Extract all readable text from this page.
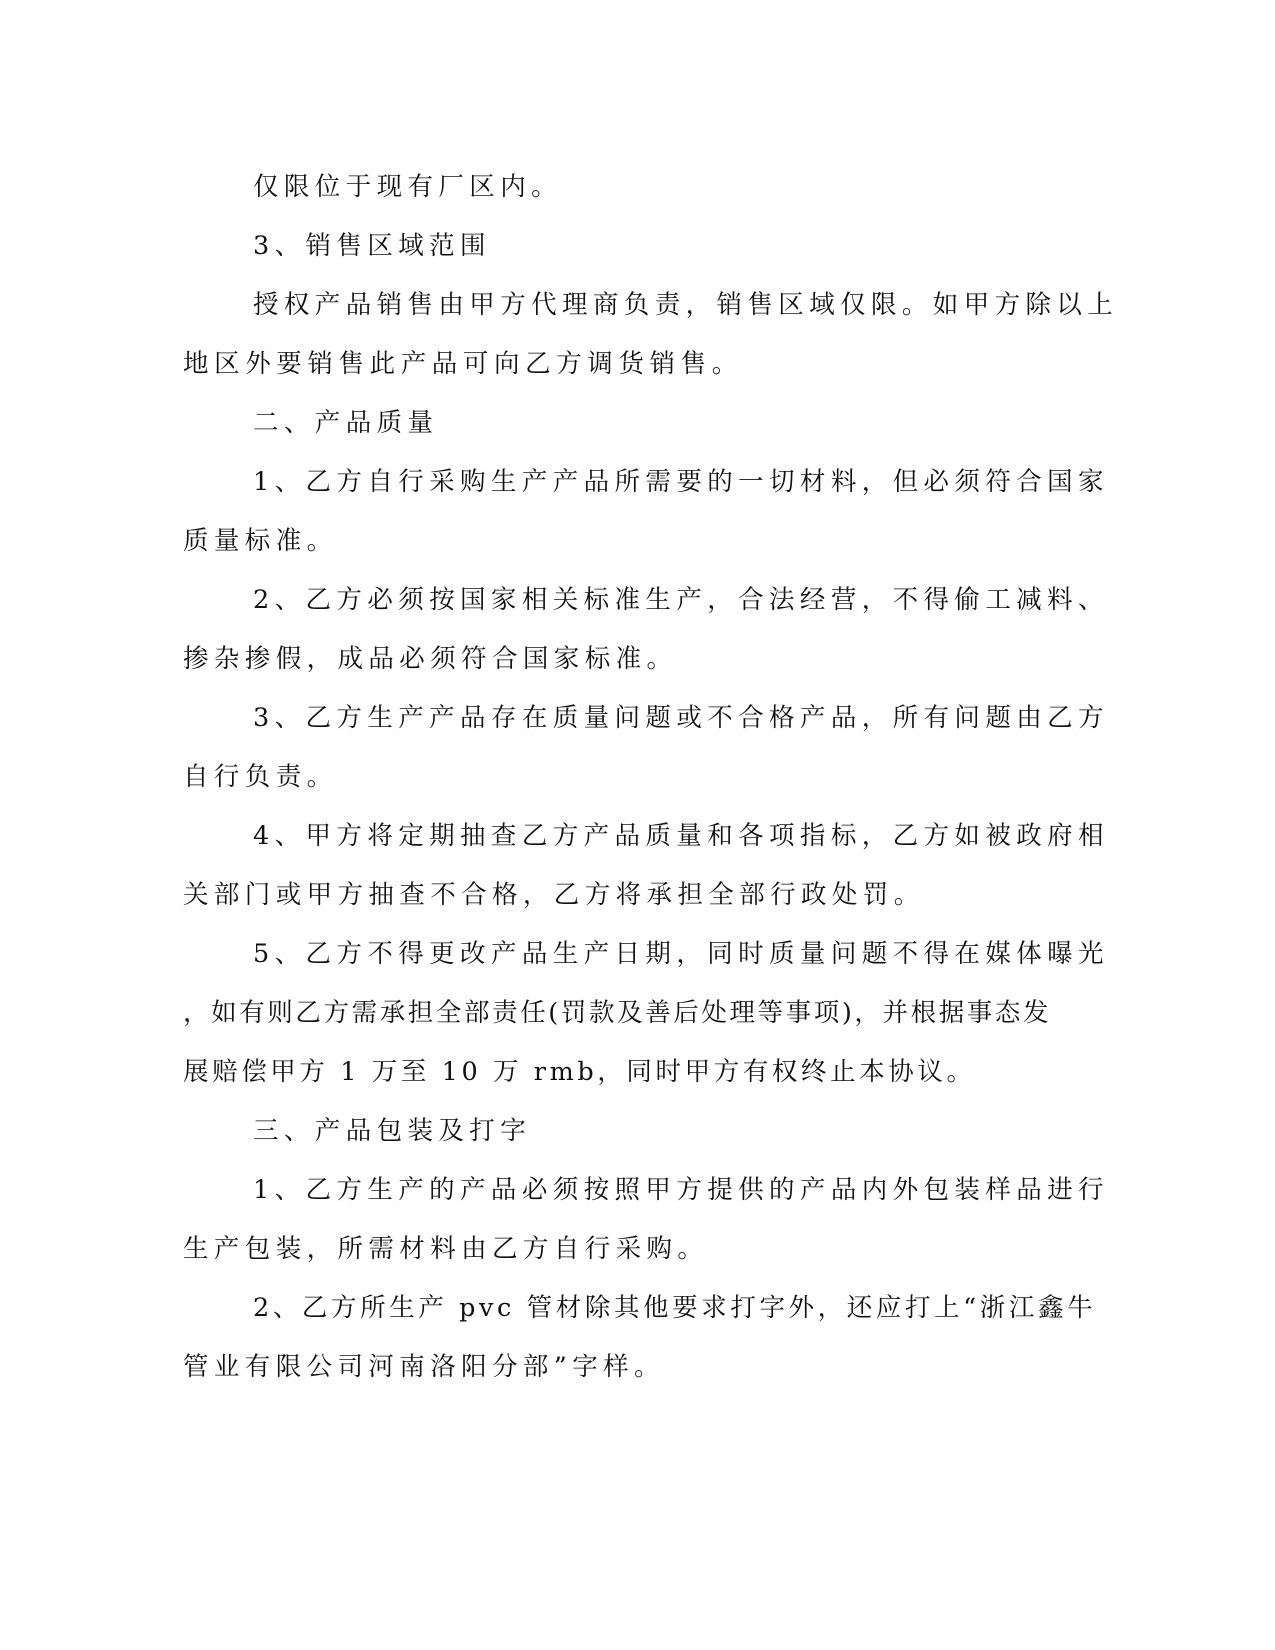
仅限位于现有厂区内。
3、销售区域范围
授权产品销售由甲方代理商负责，销售区域仅限。如甲方除以上
地区外要销售此产品可向乙方调货销售。
二、产品质量
1、乙方自行采购生产产品所需要的一切材料，但必须符合国家
质量标准。
2、乙方必须按国家相关标准生产，合法经营，不得偷工减料、
掺杂掺假，成品必须符合国家标准。
3、乙方生产产品存在质量问题或不合格产品，所有问题由乙方
自行负责。
4、甲方将定期抽查乙方产品质量和各项指标，乙方如被政府相
关部门或甲方抽查不合格，乙方将承担全部行政处罚。
5、乙方不得更改产品生产日期，同时质量问题不得在媒体曝光
，如有则乙方需承担全部责任(罚款及善后处理等事项)，并根据事态发
展赔偿甲方 1 万至 10 万 rmb，同时甲方有权终止本协议。
三、产品包装及打字
1、乙方生产的产品必须按照甲方提供的产品内外包装样品进行
生产包装，所需材料由乙方自行采购。
2、乙方所生产 pvc 管材除其他要求打字外，还应打上“浙江鑫牛
管业有限公司河南洛阳分部”字样。
